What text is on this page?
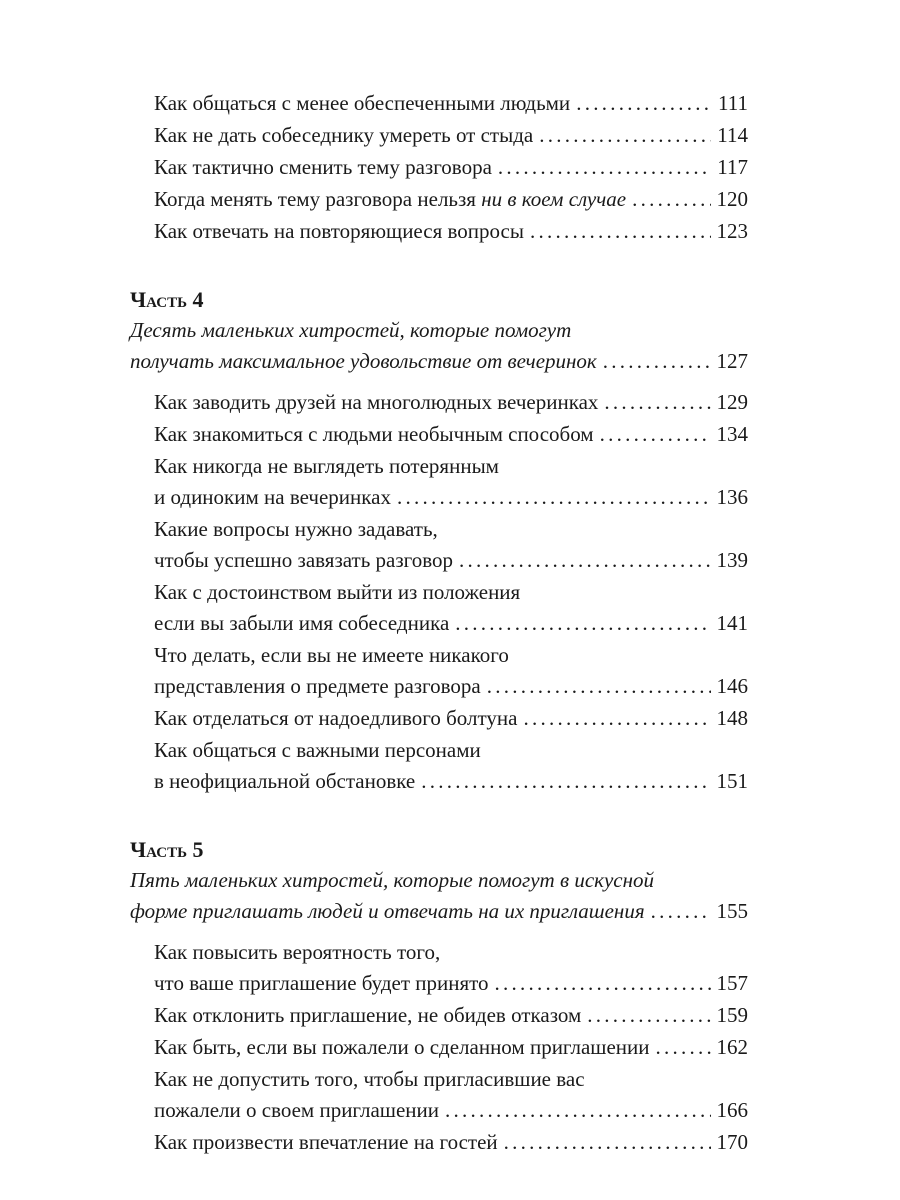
Как общаться с менее обеспеченными людьми . . .	111
Как не дать собеседнику умереть от стыда . . .	114
Как тактично сменить тему разговора . . .	117
Когда менять тему разговора нельзя ни в коем случае . . .	120
Как отвечать на повторяющиеся вопросы . . .	123
Часть 4
Десять маленьких хитростей, которые помогут
получать максимальное удовольствие от вечеринок . . .	127
Как заводить друзей на многолюдных вечеринках . . .	129
Как знакомиться с людьми необычным способом . . .	134
Как никогда не выглядеть потерянным
и одиноким на вечеринках . . .	136
Какие вопросы нужно задавать,
чтобы успешно завязать разговор . . .	139
Как с достоинством выйти из положения
если вы забыли имя собеседника . . .	141
Что делать, если вы не имеете никакого
представления о предмете разговора . . .	146
Как отделаться от надоедливого болтуна . . .	148
Как общаться с важными персонами
в неофициальной обстановке . . .	151
Часть 5
Пять маленьких хитростей, которые помогут в искусной
форме приглашать людей и отвечать на их приглашения . . .	155
Как повысить вероятность того,
что ваше приглашение будет принято . . .	157
Как отклонить приглашение, не обидев отказом . . .	159
Как быть, если вы пожалели о сделанном приглашении . . .	162
Как не допустить того, чтобы пригласившие вас
пожалели о своем приглашении . . .	166
Как произвести впечатление на гостей . . .	170
